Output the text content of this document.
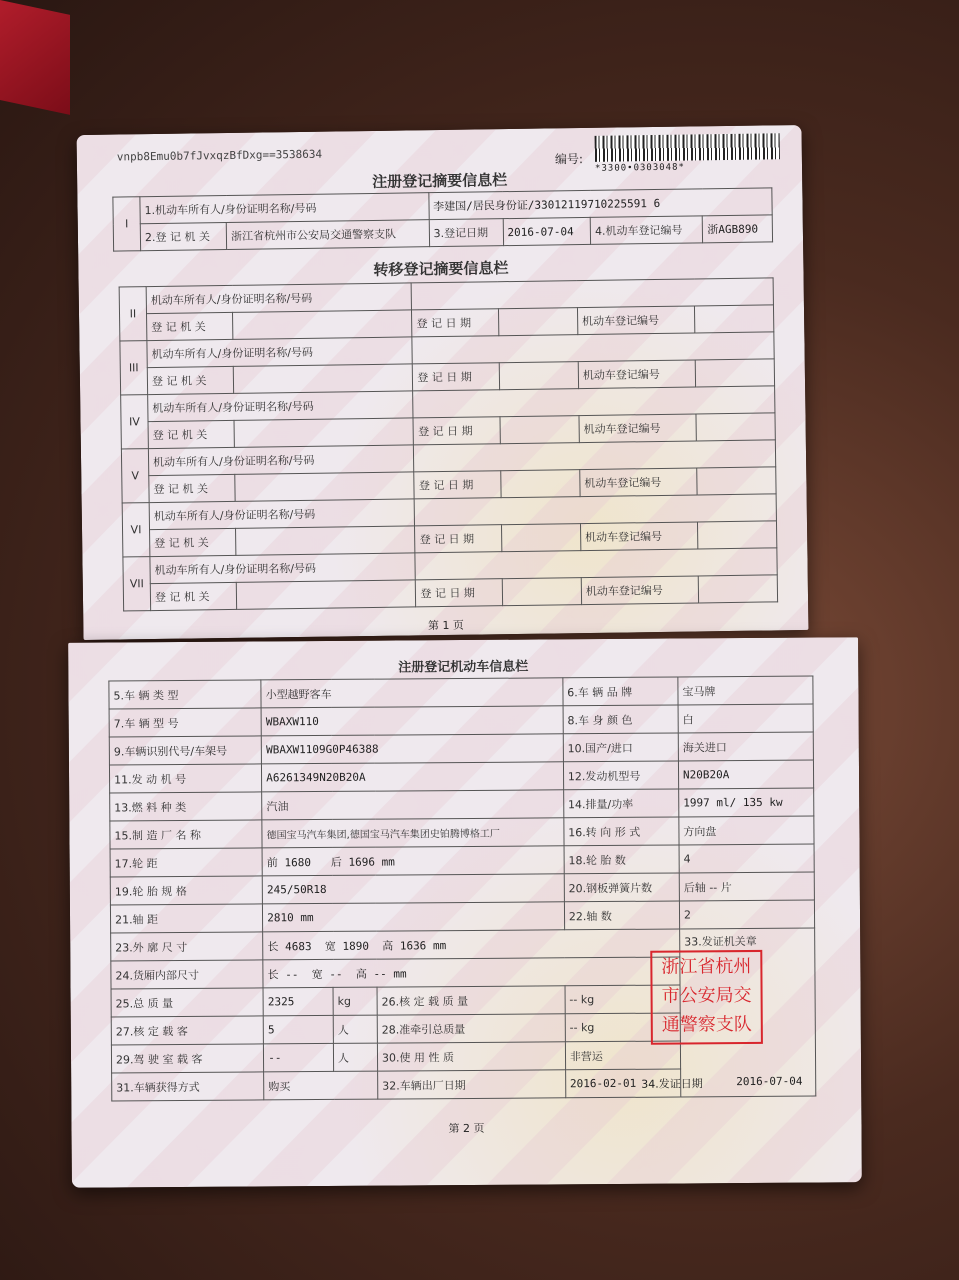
vnpb8Emu0b7fJvxqzBfDxg==3538634	编号:
*3300•0303048*
注册登记摘要信息栏
I	1.机动车所有人/身份证明名称/号码		李建国/居民身份证/33012119710225591 6			
	2.登 记 机 关	浙江省杭州市公安局交通警察支队	3.登记日期	2016-07-04	4.机动车登记编号	浙AGB890
转移登记摘要信息栏
II	机动车所有人/身份证明名称/号码					
	登 记 机 关		登 记 日 期		机动车登记编号	
III	机动车所有人/身份证明名称/号码					
	登 记 机 关		登 记 日 期		机动车登记编号	
IV	机动车所有人/身份证明名称/号码					
	登 记 机 关		登 记 日 期		机动车登记编号	
V	机动车所有人/身份证明名称/号码					
	登 记 机 关		登 记 日 期		机动车登记编号	
VI	机动车所有人/身份证明名称/号码					
	登 记 机 关		登 记 日 期		机动车登记编号	
VII	机动车所有人/身份证明名称/号码					
	登 记 机 关		登 记 日 期		机动车登记编号	
第 1 页
注册登记机动车信息栏
5.车 辆 类 型	小型越野客车			6.车 辆 品 牌	宝马牌
7.车 辆 型 号	WBAXW110			8.车 身 颜 色	白
9.车辆识别代号/车架号	WBAXW1109G0P46388			10.国产/进口	海关进口
11.发 动 机 号	A6261349N20B20A			12.发动机型号	N20B20A
13.燃 料 种 类	汽油			14.排量/功率	1997 ml/ 135 kw
15.制 造 厂 名 称	德国宝马汽车集团,德国宝马汽车集团史铂腾博格工厂			16.转 向 形 式	方向盘
17.轮 距	前 1680 后 1696 mm			18.轮 胎 数	4
19.轮 胎 规 格	245/50R18			20.钢板弹簧片数	后轴 -- 片
21.轴 距	2810 mm			22.轴 数	2
23.外 廓 尺 寸	长 4683 宽 1890 高 1636 mm				33.发证机关章
24.货厢内部尺寸	长 -- 宽 -- 高 -- mm				
25.总 质 量	2325	kg	26.核 定 载 质 量	-- kg	
27.核 定 载 客	5	人	28.准牵引总质量	-- kg	
29.驾 驶 室 载 客	--	人	30.使 用 性 质	非营运	
31.车辆获得方式	购买		32.车辆出厂日期	2016-02-01	
浙江省杭州
市公安局交
通警察支队
34.发证日期	2016-07-04
第 2 页
